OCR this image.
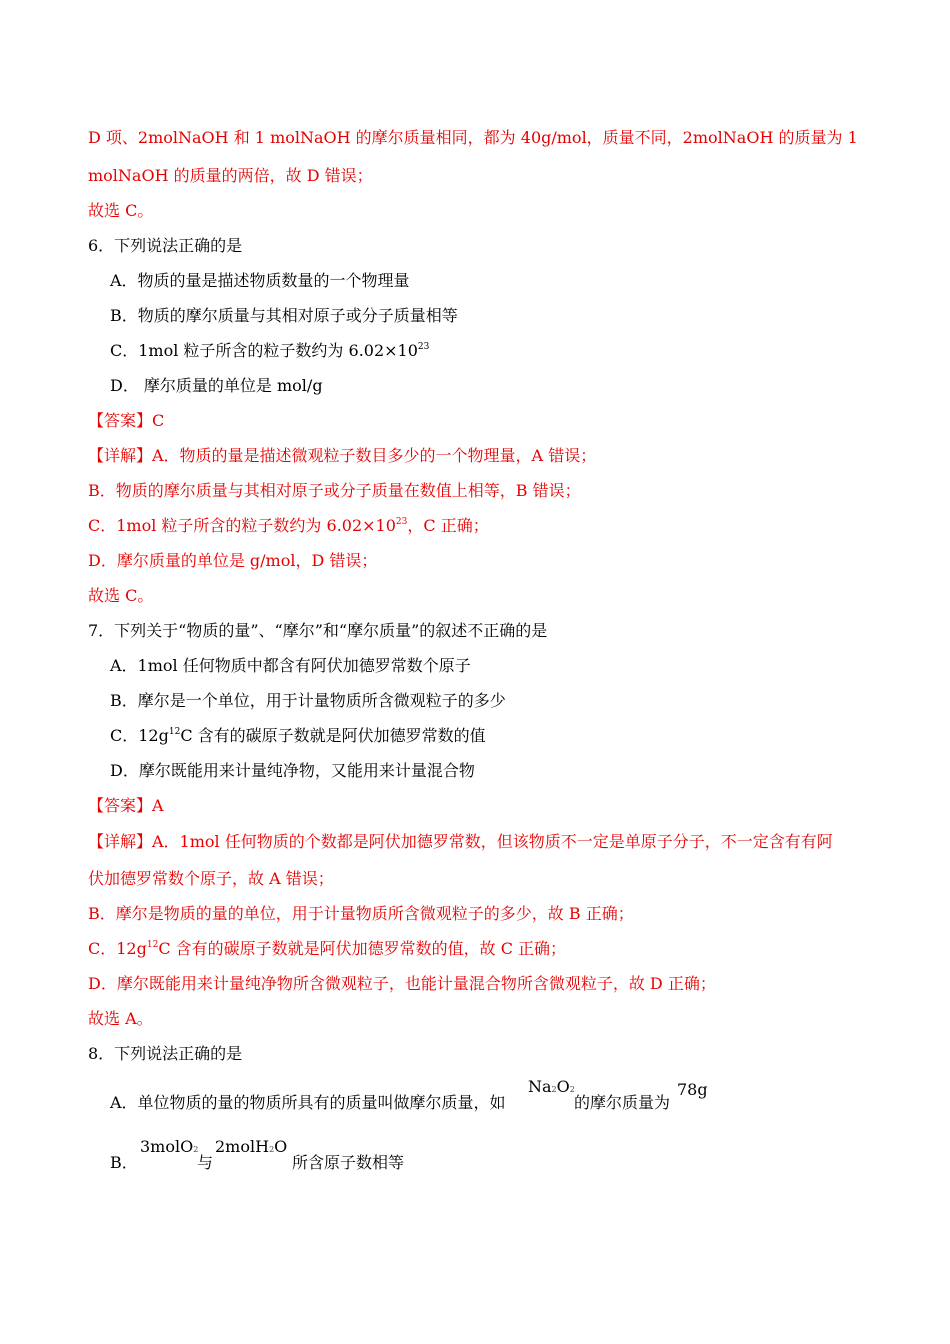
D 项、2molNaOH 和 1 molNaOH 的摩尔质量相同，都为 40g/mol，质量不同，2molNaOH 的质量为 1
molNaOH 的质量的两倍，故 D 错误；
故选 C。
6．下列说法正确的是
A．物质的量是描述物质数量的一个物理量
B．物质的摩尔质量与其相对原子或分子质量相等
C．1mol 粒子所含的粒子数约为 $6.02\times 10^{23}$
D． 摩尔质量的单位是 mol/g
【答案】C
【详解】A．物质的量是描述微观粒子数目多少的一个物理量，A 错误；
B．物质的摩尔质量与其相对原子或分子质量在数值上相等，B 错误；
C．1mol 粒子所含的粒子数约为 $6.02\times 10^{23}$，C 正确；
D．摩尔质量的单位是 g/mol，D 错误；
故选 C。
7．下列关于“物质的量”、“摩尔”和“摩尔质量”的叙述不正确的是
A．1mol 任何物质中都含有阿伏加德罗常数个原子
B．摩尔是一个单位，用于计量物质所含微观粒子的多少
C．$12g^{12}C$ 含有的碳原子数就是阿伏加德罗常数的值
D．摩尔既能用来计量纯净物，又能用来计量混合物
【答案】A
【详解】A．1mol 任何物质的个数都是阿伏加德罗常数，但该物质不一定是单原子分子，不一定含有有阿
伏加德罗常数个原子，故 A 错误；
B．摩尔是物质的量的单位，用于计量物质所含微观粒子的多少，故 B 正确；
C．$12g^{12}C$ 含有的碳原子数就是阿伏加德罗常数的值，故 C 正确；
D．摩尔既能用来计量纯净物所含微观粒子，也能计量混合物所含微观粒子，故 D 正确；
故选 A。
8．下列说法正确的是
A．单位物质的量的物质所具有的质量叫做摩尔质量，如
Na2O2
的摩尔质量为
78g
B．
3molO2
与
2molH2O
所含原子数相等
